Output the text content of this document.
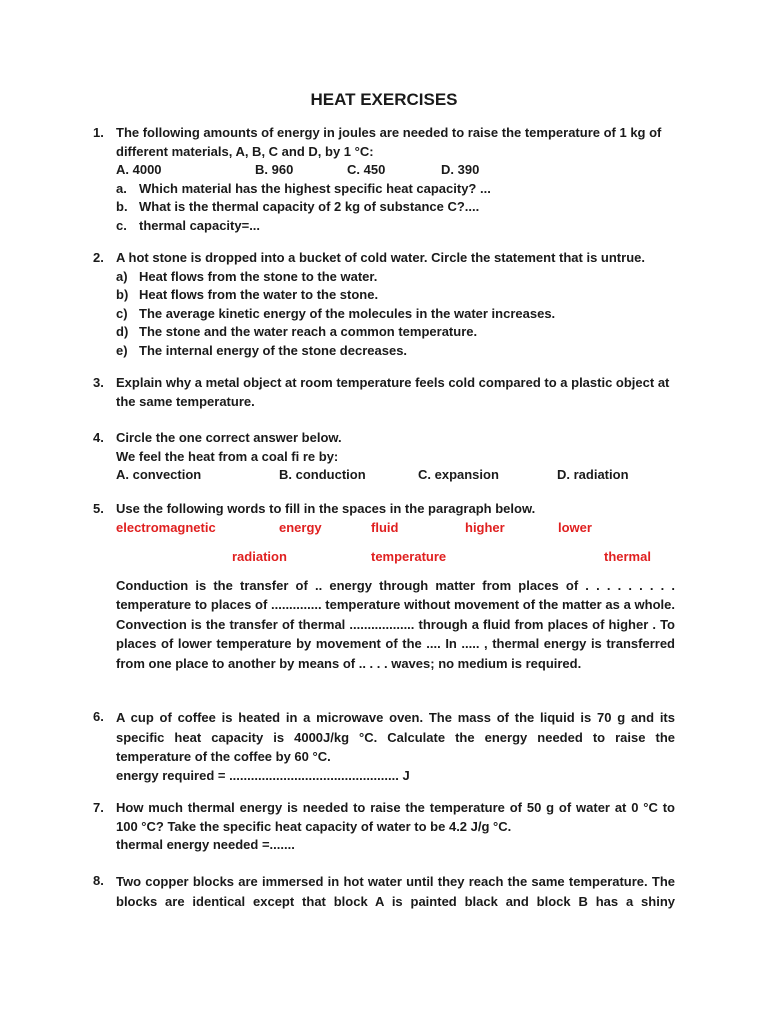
HEAT EXERCISES
1. The following amounts of energy in joules are needed to raise the temperature of 1 kg of different materials, A, B, C and D, by 1 °C:
A. 4000	B. 960	C. 450	D. 390
a. Which material has the highest specific heat capacity? ...
b. What is the thermal capacity of 2 kg of substance C?....
c. thermal capacity=...
2. A hot stone is dropped into a bucket of cold water. Circle the statement that is untrue.
a) Heat flows from the stone to the water.
b) Heat flows from the water to the stone.
c) The average kinetic energy of the molecules in the water increases.
d) The stone and the water reach a common temperature.
e) The internal energy of the stone decreases.
3. Explain why a metal object at room temperature feels cold compared to a plastic object at the same temperature.
4. Circle the one correct answer below.
We feel the heat from a coal fi re by:
A. convection	B. conduction	C. expansion	D. radiation
5. Use the following words to fill in the spaces in the paragraph below.
electromagnetic	energy	fluid	higher	lower
radiation	temperature	thermal
Conduction is the transfer of .. energy through matter from places of . . . . . . . . . temperature to places of .............. temperature without movement of the matter as a whole. Convection is the transfer of thermal .................. through a fluid from places of higher . To places of lower temperature by movement of the .... In ..... , thermal energy is transferred from one place to another by means of .. . . . waves; no medium is required.
6. A cup of coffee is heated in a microwave oven. The mass of the liquid is 70 g and its specific heat capacity is 4000J/kg °C. Calculate the energy needed to raise the temperature of the coffee by 60 °C.
energy required = ............................................... J
7. How much thermal energy is needed to raise the temperature of 50 g of water at 0 °C to 100 °C? Take the specific heat capacity of water to be 4.2 J/g °C.
thermal energy needed =.......
8. Two copper blocks are immersed in hot water until they reach the same temperature. The blocks are identical except that block A is painted black and block B has a shiny
